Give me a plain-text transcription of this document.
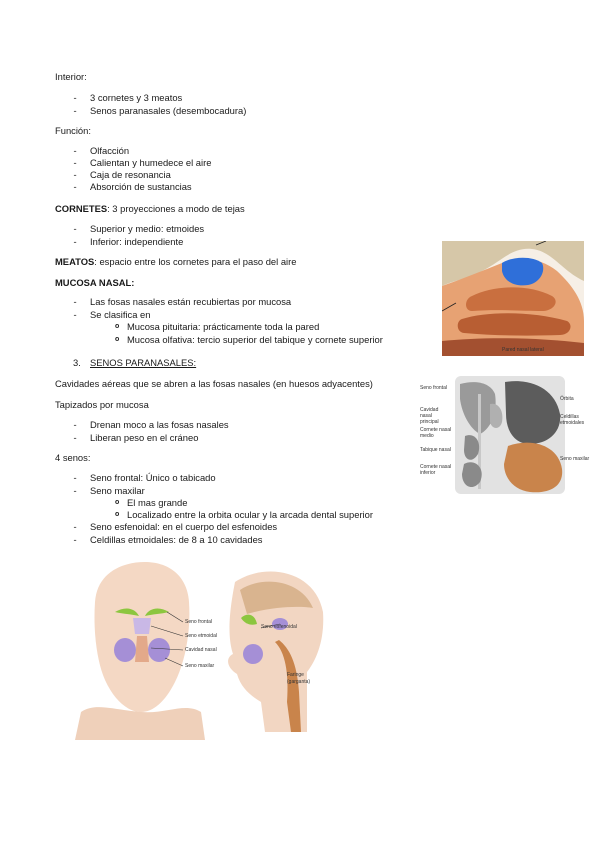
Interior:
-	3 cornetes y 3 meatos
-	Senos paranasales (desembocadura)
Función:
-	Olfacción
-	Calientan y humedece el aire
-	Caja de resonancia
-	Absorción de sustancias
CORNETES: 3 proyecciones a modo de tejas
-	Superior y medio: etmoides
-	Inferior: independiente
MEATOS: espacio entre los cornetes para el paso del aire
MUCOSA NASAL:
-	Las fosas nasales están recubiertas por mucosa
-	Se clasifica en
o Mucosa pituitaria: prácticamente toda la pared
o Mucosa olfativa: tercio superior del tabique y cornete superior
3. SENOS PARANASALES:
Cavidades aéreas que se abren a las fosas nasales (en huesos adyacentes)
Tapizados por mucosa
-	Drenan moco a las fosas nasales
-	Liberan peso en el cráneo
4 senos:
-	Seno frontal: Único o tabicado
-	Seno maxilar
o El mas grande
o Localizado entre la orbita ocular y la arcada dental superior
-	Seno esfenoidal: en el cuerpo del esfenoides
-	Celdillas etmoidales: de 8 a 10 cavidades
Pared nasal lateral
Seno frontal
Cavidad nasal principal
Cornete nasal medio
Tabique nasal
Cornete nasal inferior
Órbita
Celdillas etmoidales
Seno maxilar
Seno frontal
Seno etmoidal
Cavidad nasal
Seno maxilar
Seno esfenoidal
Faringe
(garganta)
